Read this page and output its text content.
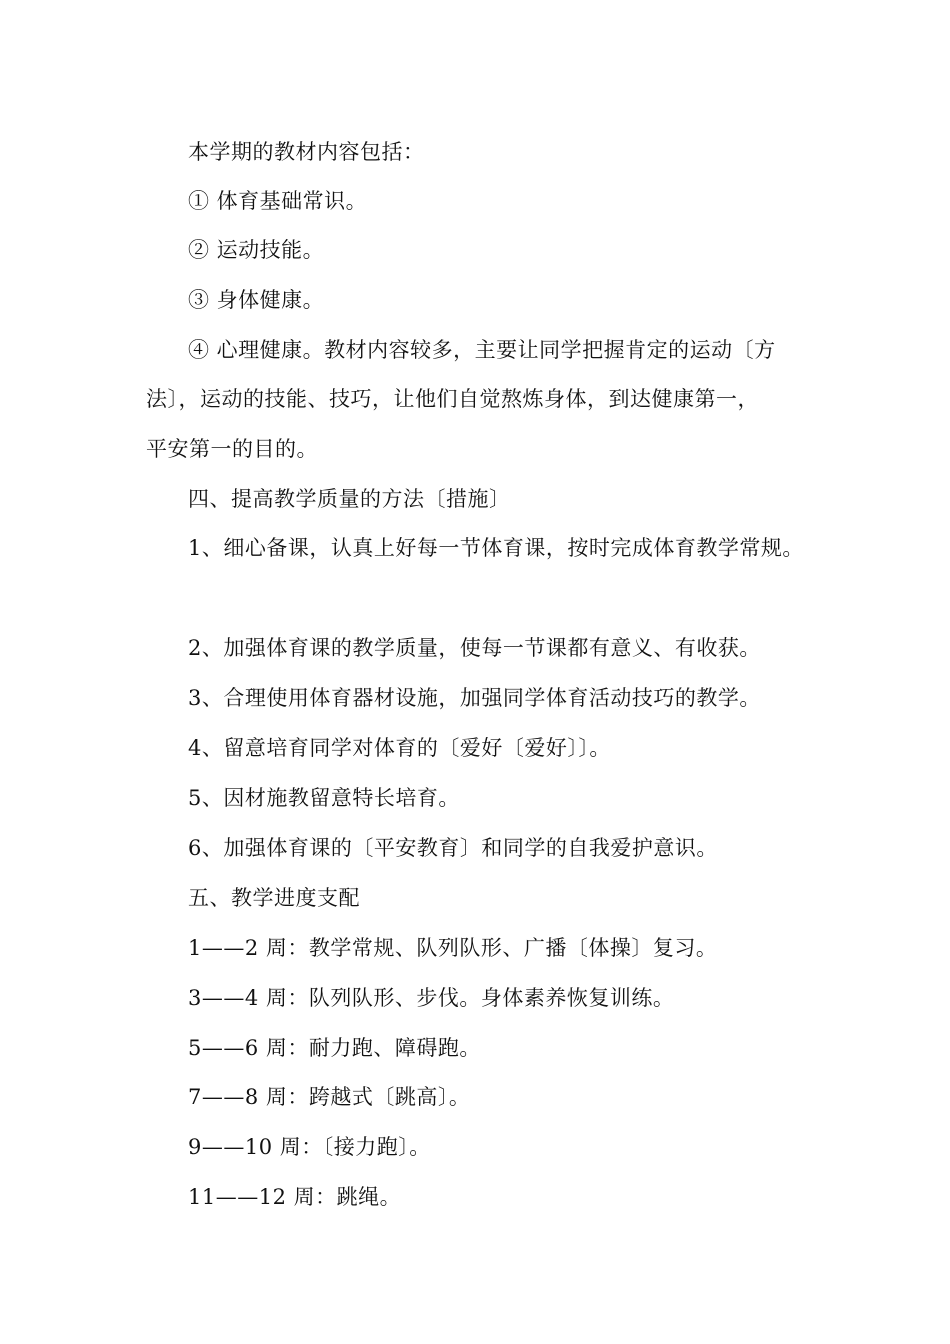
本学期的教材内容包括：
① 体育基础常识。
② 运动技能。
③ 身体健康。
④ 心理健康。教材内容较多，主要让同学把握肯定的运动〔方
法〕，运动的技能、技巧，让他们自觉熬炼身体，到达健康第一，
平安第一的目的。
四、提高教学质量的方法〔措施〕
1、细心备课，认真上好每一节体育课，按时完成体育教学常规。
2、加强体育课的教学质量，使每一节课都有意义、有收获。
3、合理使用体育器材设施，加强同学体育活动技巧的教学。
4、留意培育同学对体育的〔爱好〔爱好〕〕。
5、因材施教留意特长培育。
6、加强体育课的〔平安教育〕和同学的自我爱护意识。
五、教学进度支配
1——2 周：教学常规、队列队形、广播〔体操〕复习。
3——4 周：队列队形、步伐。身体素养恢复训练。
5——6 周：耐力跑、障碍跑。
7——8 周：跨越式〔跳高〕。
9——10 周：〔接力跑〕。
11——12 周：跳绳。
